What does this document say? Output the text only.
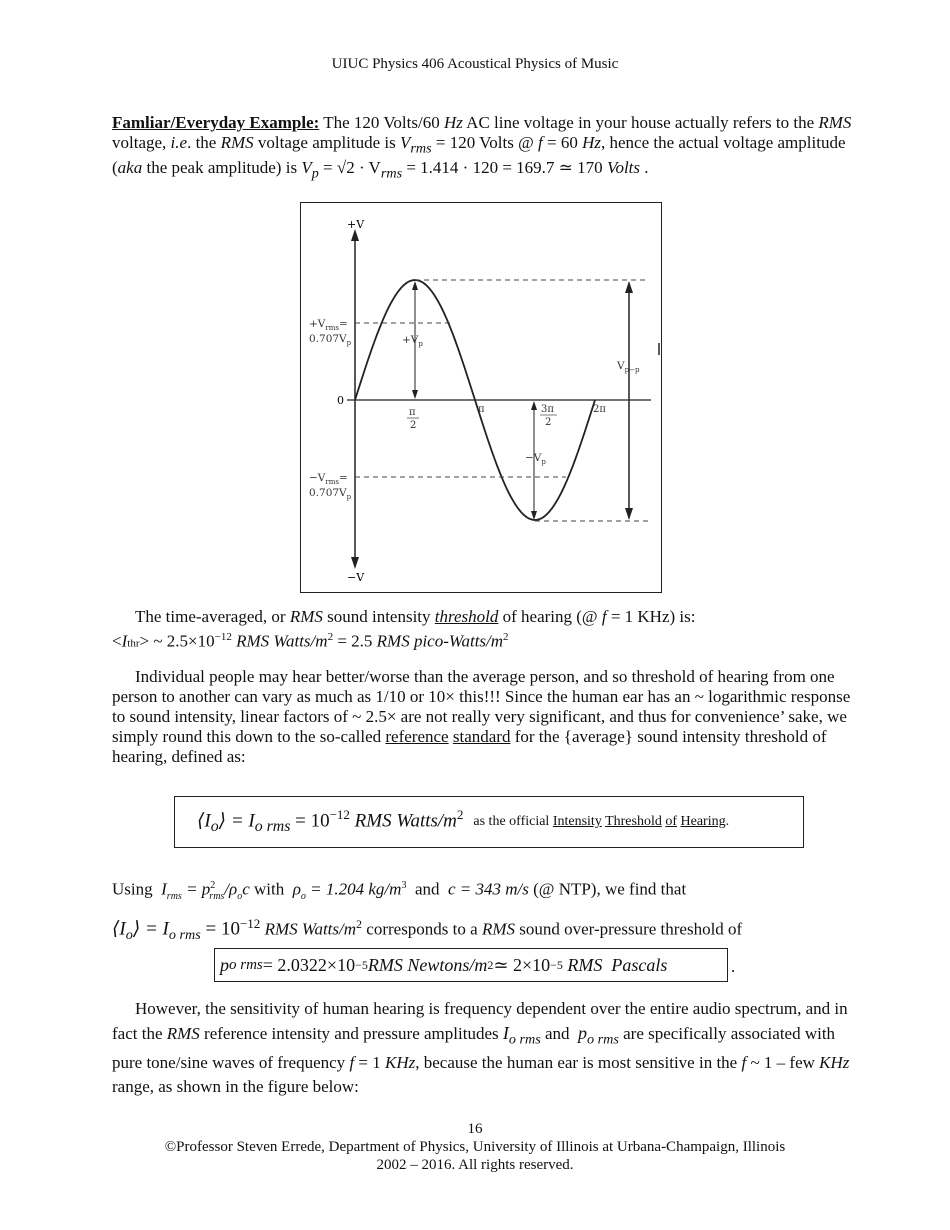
UIUC Physics 406 Acoustical Physics of Music
Famliar/Everyday Example: The 120 Volts/60 Hz AC line voltage in your house actually refers to the RMS voltage, i.e. the RMS voltage amplitude is $V_{rms} = 120$ Volts @ f = 60 Hz, hence the actual voltage amplitude (aka the peak amplitude) is $V_p = √2 \cdot V_{rms} = 1.414 \cdot 120 = 169.7$ ≃ 170 Volts .
+V
−V
$+V_{rms}=$
$0.707V_p$	$+V_p$
0
π
2
π	3π
2
2π
$V_{p-p}$
$-V_p$
$-V_{rms}=$
$0.707V_p$
The time-averaged, or RMS sound intensity threshold of hearing (@ f = 1 KHz) is:
<Ithr> ~ $2.5\times 10^{-12}$ RMS Watts/$m^2 = 2.5$ RMS pico-$Watts/m^2$
Individual people may hear better/worse than the average person, and so threshold of hearing from one person to another can vary as much as 1/10 or 10× this!!! Since the human ear has an ~ logarithmic response to sound intensity, linear factors of ~ 2.5× are not really very significant, and thus for convenience’ sake, we simply round this down to the so-called reference standard for the {average} sound intensity threshold of hearing, defined as:
$⟨I_o⟩ = I_{o rms} = 10^{-12}$ RMS Watts/$m^2$ as the official Intensity Threshold of Hearing.
Using $I_{rms} = p^2_{rms}/\rho_oc$ with  $\rho_o = 1.204$ $kg/m^3$ and c = 343 m/s (@ NTP), we find that
$⟨I_o⟩ = I_{o rms} = 10^{-12}$ RMS Watts/$m^2$ corresponds to a RMS sound over-pressure threshold of
p o rms = 2.0322×10 −5 RMS Newtons/m 2 ≃ 2×10 −5 RMS  Pascals	.
However, the sensitivity of human hearing is frequency dependent over the entire audio spectrum, and in fact the RMS reference intensity and pressure amplitudes $I_{o rms}$ and  $p_{o rms}$ are specifically associated with pure tone/sine waves of frequency f = 1 KHz, because the human ear is most sensitive in the f ~ 1 – few KHz range, as shown in the figure below:
16
©Professor Steven Errede, Department of Physics, University of Illinois at Urbana-Champaign, Illinois
2002 – 2016. All rights reserved.
